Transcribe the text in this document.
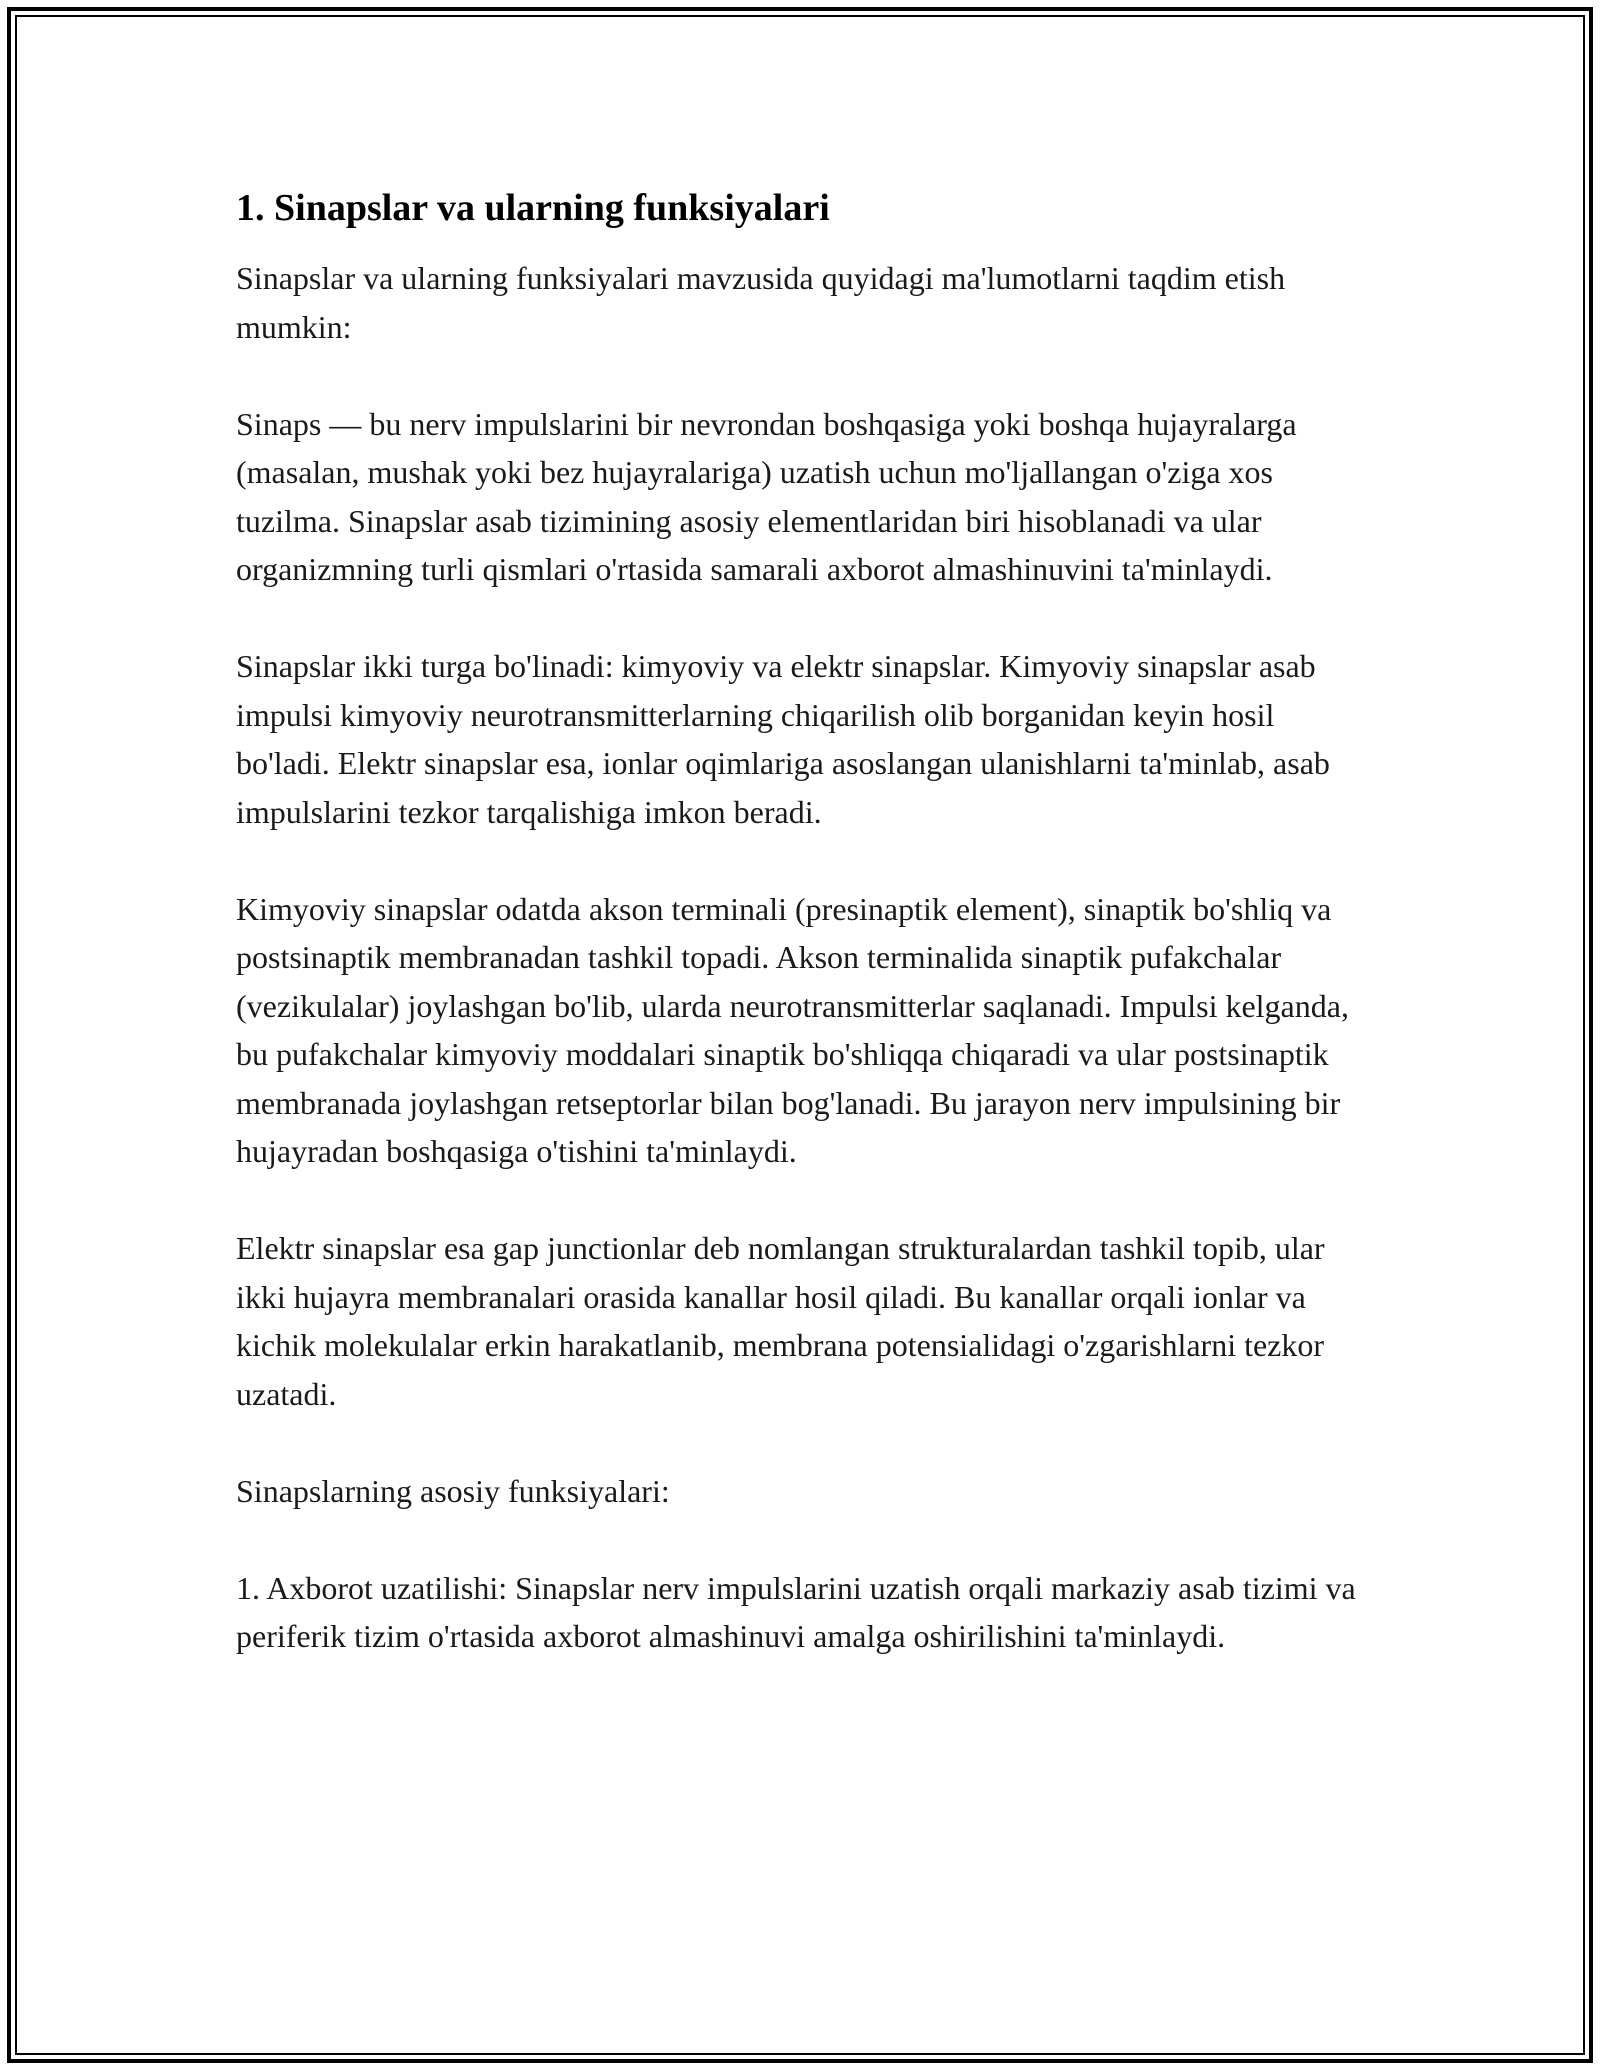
1. Sinapslar va ularning funksiyalari

Sinapslar va ularning funksiyalari mavzusida quyidagi ma'lumotlarni taqdim etish mumkin:

Sinaps — bu nerv impulslarini bir nevrondan boshqasiga yoki boshqa hujayralarga (masalan, mushak yoki bez hujayralariga) uzatish uchun mo'ljallangan o'ziga xos tuzilma. Sinapslar asab tizimining asosiy elementlaridan biri hisoblanadi va ular organizmning turli qismlari o'rtasida samarali axborot almashinuvini ta'minlaydi.

Sinapslar ikki turga bo'linadi: kimyoviy va elektr sinapslar. Kimyoviy sinapslar asab impulsi kimyoviy neurotransmitterlarning chiqarilish olib borganidan keyin hosil bo'ladi. Elektr sinapslar esa, ionlar oqimlariga asoslangan ulanishlarni ta'minlab, asab impulslarini tezkor tarqalishiga imkon beradi.

Kimyoviy sinapslar odatda akson terminali (presinaptik element), sinaptik bo'shliq va postsinaptik membranadan tashkil topadi. Akson terminalida sinaptik pufakchalar (vezikulalar) joylashgan bo'lib, ularda neurotransmitterlar saqlanadi. Impulsi kelganda, bu pufakchalar kimyoviy moddalari sinaptik bo'shliqqa chiqaradi va ular postsinaptik membranada joylashgan retseptorlar bilan bog'lanadi. Bu jarayon nerv impulsining bir hujayradan boshqasiga o'tishini ta'minlaydi.

Elektr sinapslar esa gap junctionlar deb nomlangan strukturalardan tashkil topib, ular ikki hujayra membranalari orasida kanallar hosil qiladi. Bu kanallar orqali ionlar va kichik molekulalar erkin harakatlanib, membrana potensialidagi o'zgarishlarni tezkor uzatadi.

Sinapslarning asosiy funksiyalari:

1. Axborot uzatilishi: Sinapslar nerv impulslarini uzatish orqali markaziy asab tizimi va periferik tizim o'rtasida axborot almashinuvi amalga oshirilishini ta'minlaydi.
